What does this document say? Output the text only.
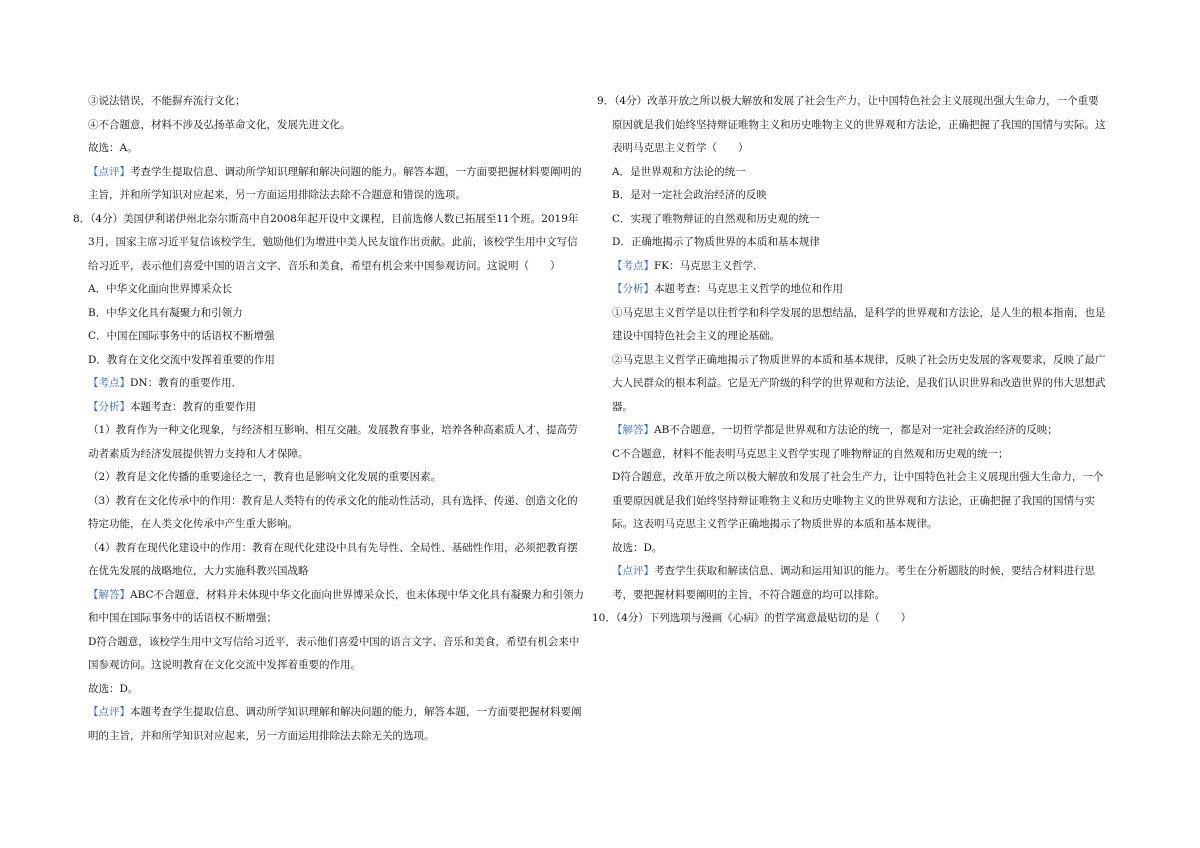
③说法错误，不能摒弃流行文化；
④不合题意，材料不涉及弘扬革命文化，发展先进文化。
故选：A。
【点评】考查学生提取信息、调动所学知识理解和解决问题的能力。解答本题，一方面要把握材料要阐明的
主旨，并和所学知识对应起来，另一方面运用排除法去除不合题意和错误的选项。
8．（4分）美国伊利诺伊州北奈尔斯高中自2008年起开设中文课程，目前选修人数已拓展至11个班。2019年
3月，国家主席习近平复信该校学生，勉励他们为增进中美人民友谊作出贡献。此前，该校学生用中文写信
给习近平，表示他们喜爱中国的语言文字、音乐和美食，希望有机会来中国参观访问。这说明（　　）
A．中华文化面向世界博采众长
B．中华文化具有凝聚力和引领力
C．中国在国际事务中的话语权不断增强
D．教育在文化交流中发挥着重要的作用
【考点】DN：教育的重要作用．
【分析】本题考查：教育的重要作用
（1）教育作为一种文化现象，与经济相互影响、相互交融。发展教育事业，培养各种高素质人才、提高劳
动者素质为经济发展提供智力支持和人才保障。
（2）教育是文化传播的重要途径之一，教育也是影响文化发展的重要因素。
（3）教育在文化传承中的作用：教育是人类特有的传承文化的能动性活动，具有选择、传递、创造文化的
特定功能，在人类文化传承中产生重大影响。
（4）教育在现代化建设中的作用：教育在现代化建设中具有先导性、全局性、基础性作用，必须把教育摆
在优先发展的战略地位，大力实施科教兴国战略
【解答】ABC不合题意，材料并未体现中华文化面向世界博采众长，也未体现中华文化具有凝聚力和引领力
和中国在国际事务中的话语权不断增强；
D符合题意，该校学生用中文写信给习近平，表示他们喜爱中国的语言文字、音乐和美食，希望有机会来中
国参观访问。这说明教育在文化交流中发挥着重要的作用。
故选：D。
【点评】本题考查学生提取信息、调动所学知识理解和解决问题的能力，解答本题，一方面要把握材料要阐
明的主旨，并和所学知识对应起来，另一方面运用排除法去除无关的选项。
9．（4分）改革开放之所以极大解放和发展了社会生产力，让中国特色社会主义展现出强大生命力，一个重要
原因就是我们始终坚持辩证唯物主义和历史唯物主义的世界观和方法论，正确把握了我国的国情与实际。这
表明马克思主义哲学（　　）
A．是世界观和方法论的统一
B．是对一定社会政治经济的反映
C．实现了唯物辩证的自然观和历史观的统一
D．正确地揭示了物质世界的本质和基本规律
【考点】FK：马克思主义哲学．
【分析】本题考查：马克思主义哲学的地位和作用
①马克思主义哲学是以往哲学和科学发展的思想结晶，是科学的世界观和方法论，是人生的根本指南，也是
建设中国特色社会主义的理论基础。
②马克思主义哲学正确地揭示了物质世界的本质和基本规律，反映了社会历史发展的客观要求，反映了最广
大人民群众的根本利益。它是无产阶级的科学的世界观和方法论，是我们认识世界和改造世界的伟大思想武
器。
【解答】AB不合题意，一切哲学都是世界观和方法论的统一，都是对一定社会政治经济的反映；
C不合题意，材料不能表明马克思主义哲学实现了唯物辩证的自然观和历史观的统一；
D符合题意，改革开放之所以极大解放和发展了社会生产力，让中国特色社会主义展现出强大生命力，一个
重要原因就是我们始终坚持辩证唯物主义和历史唯物主义的世界观和方法论，正确把握了我国的国情与实
际。这表明马克思主义哲学正确地揭示了物质世界的本质和基本规律。
故选：D。
【点评】考查学生获取和解读信息、调动和运用知识的能力。考生在分析题肢的时候，要结合材料进行思
考，要把握材料要阐明的主旨，不符合题意的均可以排除。
10．（4分）下列选项与漫画《心病》的哲学寓意最贴切的是（　　）
